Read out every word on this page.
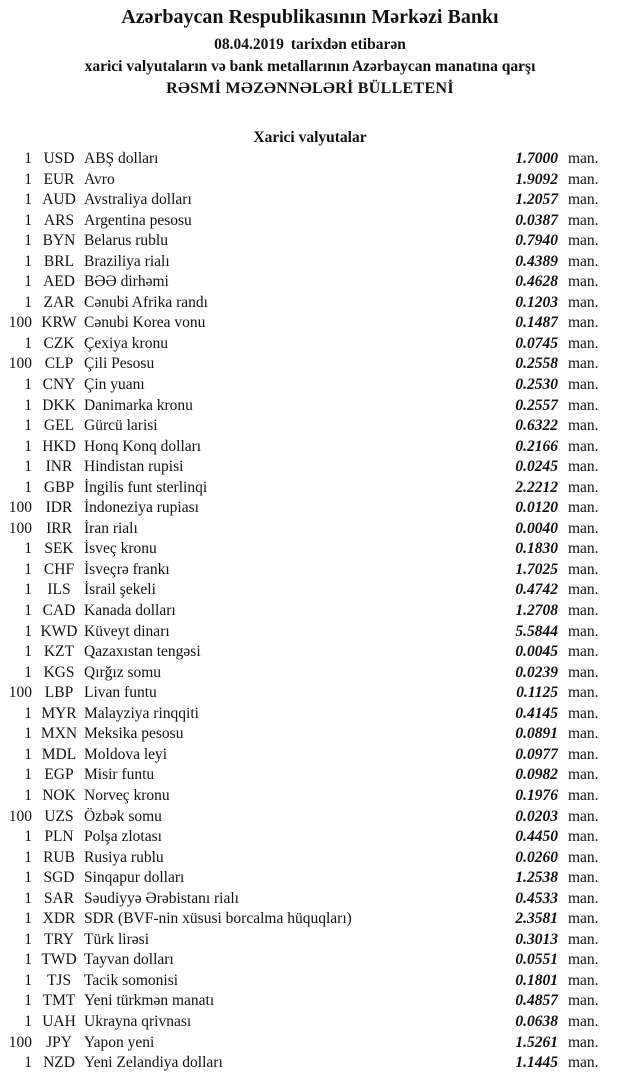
Azərbaycan Respublikasının Mərkəzi Bankı
08.04.2019 tarixdən etibarən
xarici valyutaların və bank metallarının Azərbaycan manatına qarşı
RƏSMİ MƏZƏNNƏLƏRİ BÜLLETENİ
Xarici valyutalar
1 USD ABŞ dolları	1.7000 man.
1 EUR Avro	1.9092 man.
1 AUD Avstraliya dolları	1.2057 man.
1 ARS Argentina pesosu	0.0387 man.
1 BYN Belarus rublu	0.7940 man.
1 BRL Braziliya rialı	0.4389 man.
1 AED BƏƏ dirhəmi	0.4628 man.
1 ZAR Cənubi Afrika randı	0.1203 man.
100 KRW Cənubi Korea vonu	0.1487 man.
1 CZK Çexiya kronu	0.0745 man.
100 CLP Çili Pesosu	0.2558 man.
1 CNY Çin yuanı	0.2530 man.
1 DKK Danimarka kronu	0.2557 man.
1 GEL Gürcü larisi	0.6322 man.
1 HKD Honq Konq dolları	0.2166 man.
1 INR Hindistan rupisi	0.0245 man.
1 GBP İngilis funt sterlinqi	2.2212 man.
100 IDR İndoneziya rupiası	0.0120 man.
100 IRR İran rialı	0.0040 man.
1 SEK İsveç kronu	0.1830 man.
1 CHF İsveçrə frankı	1.7025 man.
1 ILS İsrail şekeli	0.4742 man.
1 CAD Kanada dolları	1.2708 man.
1 KWD Küveyt dinarı	5.5844 man.
1 KZT Qazaxıstan tengəsi	0.0045 man.
1 KGS Qırğız somu	0.0239 man.
100 LBP Livan funtu	0.1125 man.
1 MYR Malayziya rinqqiti	0.4145 man.
1 MXN Meksika pesosu	0.0891 man.
1 MDL Moldova leyi	0.0977 man.
1 EGP Misir funtu	0.0982 man.
1 NOK Norveç kronu	0.1976 man.
100 UZS Özbək somu	0.0203 man.
1 PLN Polşa zlotası	0.4450 man.
1 RUB Rusiya rublu	0.0260 man.
1 SGD Sinqapur dolları	1.2538 man.
1 SAR Səudiyyə Ərəbistanı rialı	0.4533 man.
1 XDR SDR (BVF-nin xüsusi borcalma hüquqları)	2.3581 man.
1 TRY Türk lirəsi	0.3013 man.
1 TWD Tayvan dolları	0.0551 man.
1 TJS Tacik somonisi	0.1801 man.
1 TMT Yeni türkmən manatı	0.4857 man.
1 UAH Ukrayna qrivnası	0.0638 man.
100 JPY Yapon yeni	1.5261 man.
1 NZD Yeni Zelandiya dolları	1.1445 man.
